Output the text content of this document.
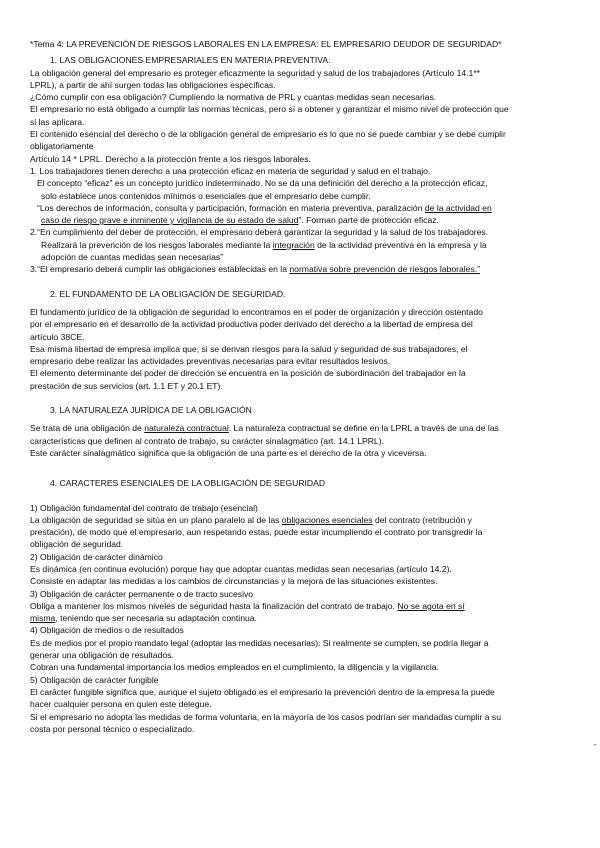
*Tema 4: LA PREVENCIÓN DE RIESGOS LABORALES EN LA EMPRESA: EL EMPRESARIO DEUDOR DE SEGURIDAD*
1. LAS OBLIGACIONES EMPRESARIALES EN MATERIA PREVENTIVA.
La obligación general del empresario es proteger eficazmente la seguridad y salud de los trabajadores (Artículo 14.1**
LPRL), a partir de ahí surgen todas las obligaciones específicas.
¿Cómo cumplir con esa obligación? Cumpliendo la normativa de PRL y cuantas medidas sean necesarias.
El empresario no está obligado a cumplir las normas técnicas, pero sí a obtener y garantizar el mismo nivel de protección que
si las aplicara.
El contenido esencial del derecho o de la obligación general de empresario es lo que no se puede cambiar y se debe cumplir
obligatoriamente
Artículo 14 * LPRL. Derecho a la protección frente a los riesgos laborales.
1. Los trabajadores tienen derecho a una protección eficaz en materia de seguridad y salud en el trabajo.
El concepto “eficaz” es un concepto jurídico indeterminado. No se da una definición del derecho a la protección eficaz,
solo establece unos contenidos mínimos o esenciales que el empresario debe cumplir.
“Los derechos de información, consulta y participación, formación en materia preventiva, paralización de la actividad en
caso de riesgo grave e inminente y vigilancia de su estado de salud”. Forman parte de protección eficaz.
2.“En cumplimiento del deber de protección, el empresario deberá garantizar la seguridad y la salud de los trabajadores.
Realizará la prevención de los riesgos laborales mediante la integración de la actividad preventiva en la empresa y la
adopción de cuantas medidas sean necesarias”
3.“El empresario deberá cumplir las obligaciones establecidas en la normativa sobre prevención de riesgos laborales.”
2. EL FUNDAMENTO DE LA OBLIGACIÓN DE SEGURIDAD.
El fundamento jurídico de la obligación de seguridad lo encontramos en el poder de organización y dirección ostentado
por el empresario en el desarrollo de la actividad productiva poder derivado del derecho a la libertad de empresa del
artículo 38CE.
Esa misma libertad de empresa implica que, si se derivan riesgos para la salud y seguridad de sus trabajadores, el
empresario debe realizar las actividades preventivas necesarias para evitar resultados lesivos.
El elemento determinante del poder de dirección se encuentra en la posición de subordinación del trabajador en la
prestación de sus servicios (art. 1.1 ET y 20.1 ET).
3. LA NATURALEZA JURÍDICA DE LA OBLIGACIÓN
Se trata de una obligación de naturaleza contractual. La naturaleza contractual se define en la LPRL a través de una de las
características que definen al contrato de trabajo, su carácter sinalagmático (art. 14.1 LPRL).
Este carácter sinalagmático significa que la obligación de una parte es el derecho de la otra y viceversa.
4. CARACTERES ESENCIALES DE LA OBLIGACIÓN DE SEGURIDAD
1) Obligación fundamental del contrato de trabajo (esencial)
La obligación de seguridad se sitúa en un plano paralelo al de las obligaciones esenciales del contrato (retribución y
prestación), de modo que el empresario, aun respetando estas, puede estar incumpliendo el contrato por transgredir la
obligación de seguridad.
2) Obligación de carácter dinámico
Es dinámica (en continua evolución) porque hay que adoptar cuantas medidas sean necesarias (artículo 14.2).
Consiste en adaptar las medidas a los cambios de circunstancias y la mejora de las situaciones existentes.
3) Obligación de carácter permanente o de tracto sucesivo
Obliga a mantener los mismos niveles de seguridad hasta la finalización del contrato de trabajo. No se agota en sí
misma, teniendo que ser necesaria su adaptación continua.
4) Obligación de medios o de resultados
Es de medios por el propio mandato legal (adoptar las medidas necesarias). Si realmente se cumplen, se podría llegar a
generar una obligación de resultados.
Cobran una fundamental importancia los medios empleados en el cumplimiento, la diligencia y la vigilancia.
5) Obligación de carácter fungible
El carácter fungible significa que, aunque el sujeto obligado es el empresario la prevención dentro de la empresa la puede
hacer cualquier persona en quien este delegue.
Si el empresario no adopta las medidas de forma voluntaria, en la mayoría de los casos podrían ser mandadas cumplir a su
costa por personal técnico o especializado.
-
